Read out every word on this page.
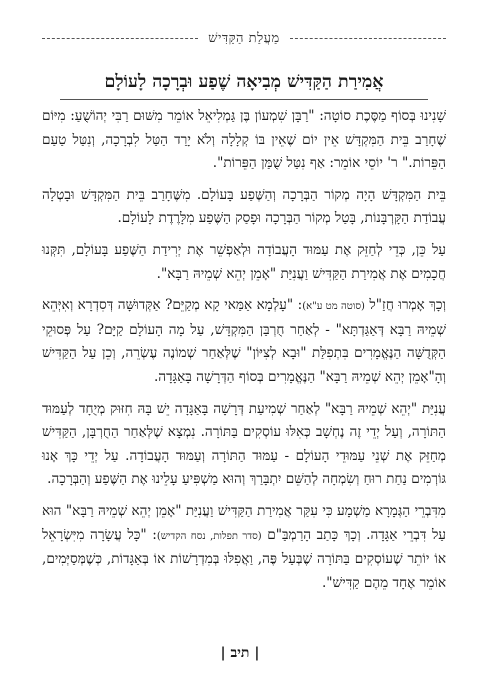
מַעֲלַת הַקַּדִּישׁ
אֲמִירַת הַקַּדִּישׁ מְבִיאָה שֶׁפַע וּבְרָכָה לָעוֹלָם

שָׁנִינוּ בְּסוֹף מַסֶּכֶת סוֹטָה: "רַבָּן שִׁמְעוֹן בֶּן גַּמְלִיאֵל אוֹמֵר מִשּׁוּם רַבִּי יְהוֹשֻׁעַ: מִיּוֹם שֶׁחָרַב בֵּית הַמִּקְדָּשׁ אֵין יוֹם שֶׁאֵין בּוֹ קְלָלָה וְלֹא יָרַד הַטַּל לִבְרָכָה, וְנִטַּל טַעַם הַפֵּרוֹת." ר' יוֹסֵי אוֹמֵר: אַף נִטַּל שֻׁמַּן הַפֵּרוֹת".

בֵּית הַמִּקְדָּשׁ הָיָה מְקוֹר הַבְּרָכָה וְהַשֶּׁפַע בָּעוֹלָם. מִשֶּׁחָרַב בֵּית הַמִּקְדָּשׁ וּבָטְלָה עֲבוֹדַת הַקָּרְבָּנוֹת, בָּטַל מְקוֹר הַבְּרָכָה וּפָסַק הַשֶּׁפַע מִלָּרֶדֶת לָעוֹלָם.

עַל כֵּן, כְּדֵי לְחַזֵּק אֶת עַמּוּד הָעֲבוֹדָה וּלְאַפְשֵׁר אֶת יְרִידַת הַשֶּׁפַע בָּעוֹלָם, תִּקְּנוּ חֲכָמִים אֶת אֲמִירַת הַקַּדִּישׁ וַעֲנִיַּת "אָמֵן יְהֵא שְׁמֵיהּ רַבָּא".

וְכָךְ אָמְרוּ חֲזַ"ל (סוטה מט ע"א): "עָלְמָא אַמַּאי קָא מְקַיֵּם? אַקְּדוּשָּׁה דְּסִדְרָא וְאִיְּהֵא שְׁמֵיהּ רַבָּא דְּאַגַּדְתָּא" - לְאַחַר חֻרְבַּן הַמִּקְדָּשׁ, עַל מָה הָעוֹלָם קַיָּם? עַל פְּסוּקֵי הַקְּדֻשָּׁה הַנֶּאֱמָרִים בִּתְפִלַּת "וּבָא לְצִיּוֹן" שֶׁלְּאַחַר שְׁמוֹנֶה עֶשְׂרֵה, וְכֵן עַל הַקַּדִּישׁ וְהָ"אָמֵן יְהֵא שְׁמֵיהּ רַבָּא" הַנֶּאֱמָרִים בְּסוֹף הַדְּרָשָׁה בָּאַגָּדָה.

עֲנִיַּת "יְהֵא שְׁמֵיהּ רַבָּא" לְאַחַר שְׁמִיעַת דְּרָשָׁה בָּאַגָּדָה יֵשׁ בָּהּ חִזּוּק מְיֻחָד לְעַמּוּד הַתּוֹרָה, וְעַל יְדֵי זֶה נֶחְשָׁב כְּאִלּוּ עוֹסְקִים בַּתּוֹרָה. נִמְצָא שֶׁלְּאַחַר הַחֻרְבָּן, הַקַּדִּישׁ מְחַזֵּק אֶת שְׁנֵי עַמּוּדֵי הָעוֹלָם - עַמּוּד הַתּוֹרָה וְעַמּוּד הָעֲבוֹדָה. עַל יְדֵי כָּךְ אָנוּ גּוֹרְמִים נַחַת רוּחַ וְשִׂמְחָה לְהַשֵּׁם יִתְבָּרַךְ וְהוּא מַשְׁפִּיעַ עָלֵינוּ אֶת הַשֶּׁפַע וְהַבְּרָכָה.

מִדִּבְרֵי הַגְּמָרָא מַשְׁמָע כִּי עִקַּר אֲמִירַת הַקַּדִּישׁ וַעֲנִיַּת "אָמֵן יְהֵא שְׁמֵיהּ רַבָּא" הוּא עַל דִּבְרֵי אַגָּדָה. וְכָךְ כָּתַב הָרַמְבַּ"ם (סדר תפלות, נסח הקדיש): "כָּל עֲשָׂרָה מִיִּשְׂרָאֵל אוֹ יוֹתֵר שֶׁעוֹסְקִים בַּתּוֹרָה שֶׁבְּעַל פֶּה, וַאֲפִלּוּ בְּמִדְרָשׁוֹת אוֹ בְּאַגָּדוֹת, כְּשֶׁמְּסַיְּמִים, אוֹמֵר אֶחָד מֵהֶם קַדִּישׁ".

| תיב |
